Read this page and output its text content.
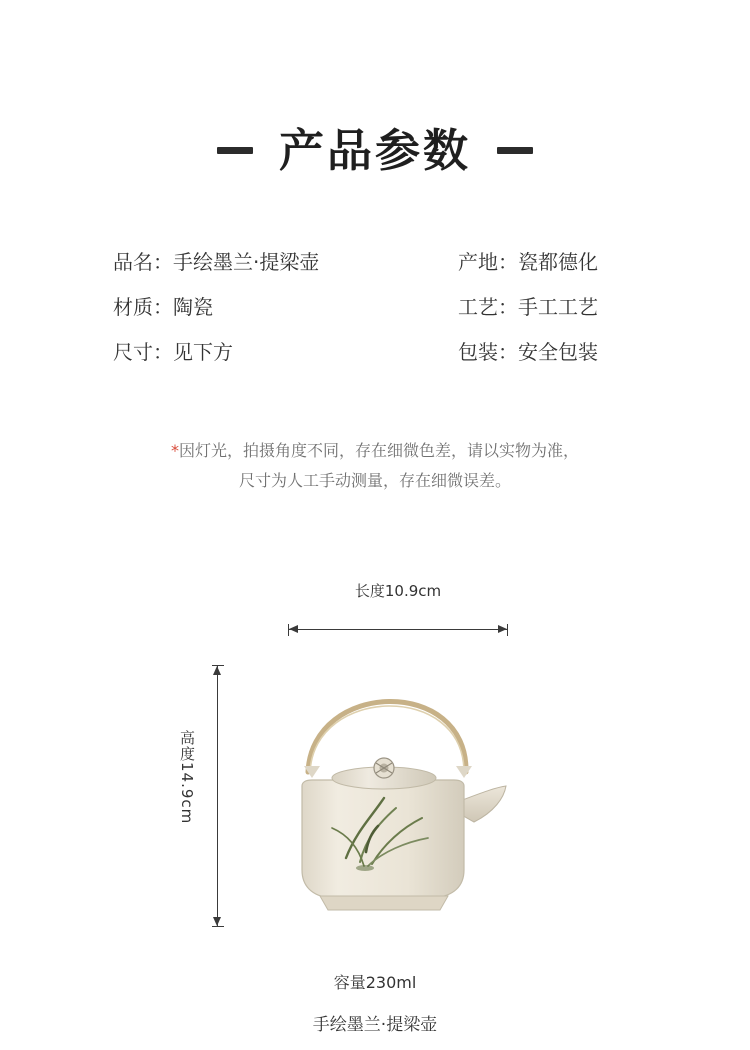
产品参数
品名：手绘墨兰·提梁壶	产地：瓷都德化
材质：陶瓷	工艺：手工工艺
尺寸：见下方	包装：安全包装
*因灯光，拍摄角度不同，存在细微色差，请以实物为准，
尺寸为人工手动测量，存在细微误差。
长度10.9cm
高度14.9cm
容量230ml
手绘墨兰·提梁壶
